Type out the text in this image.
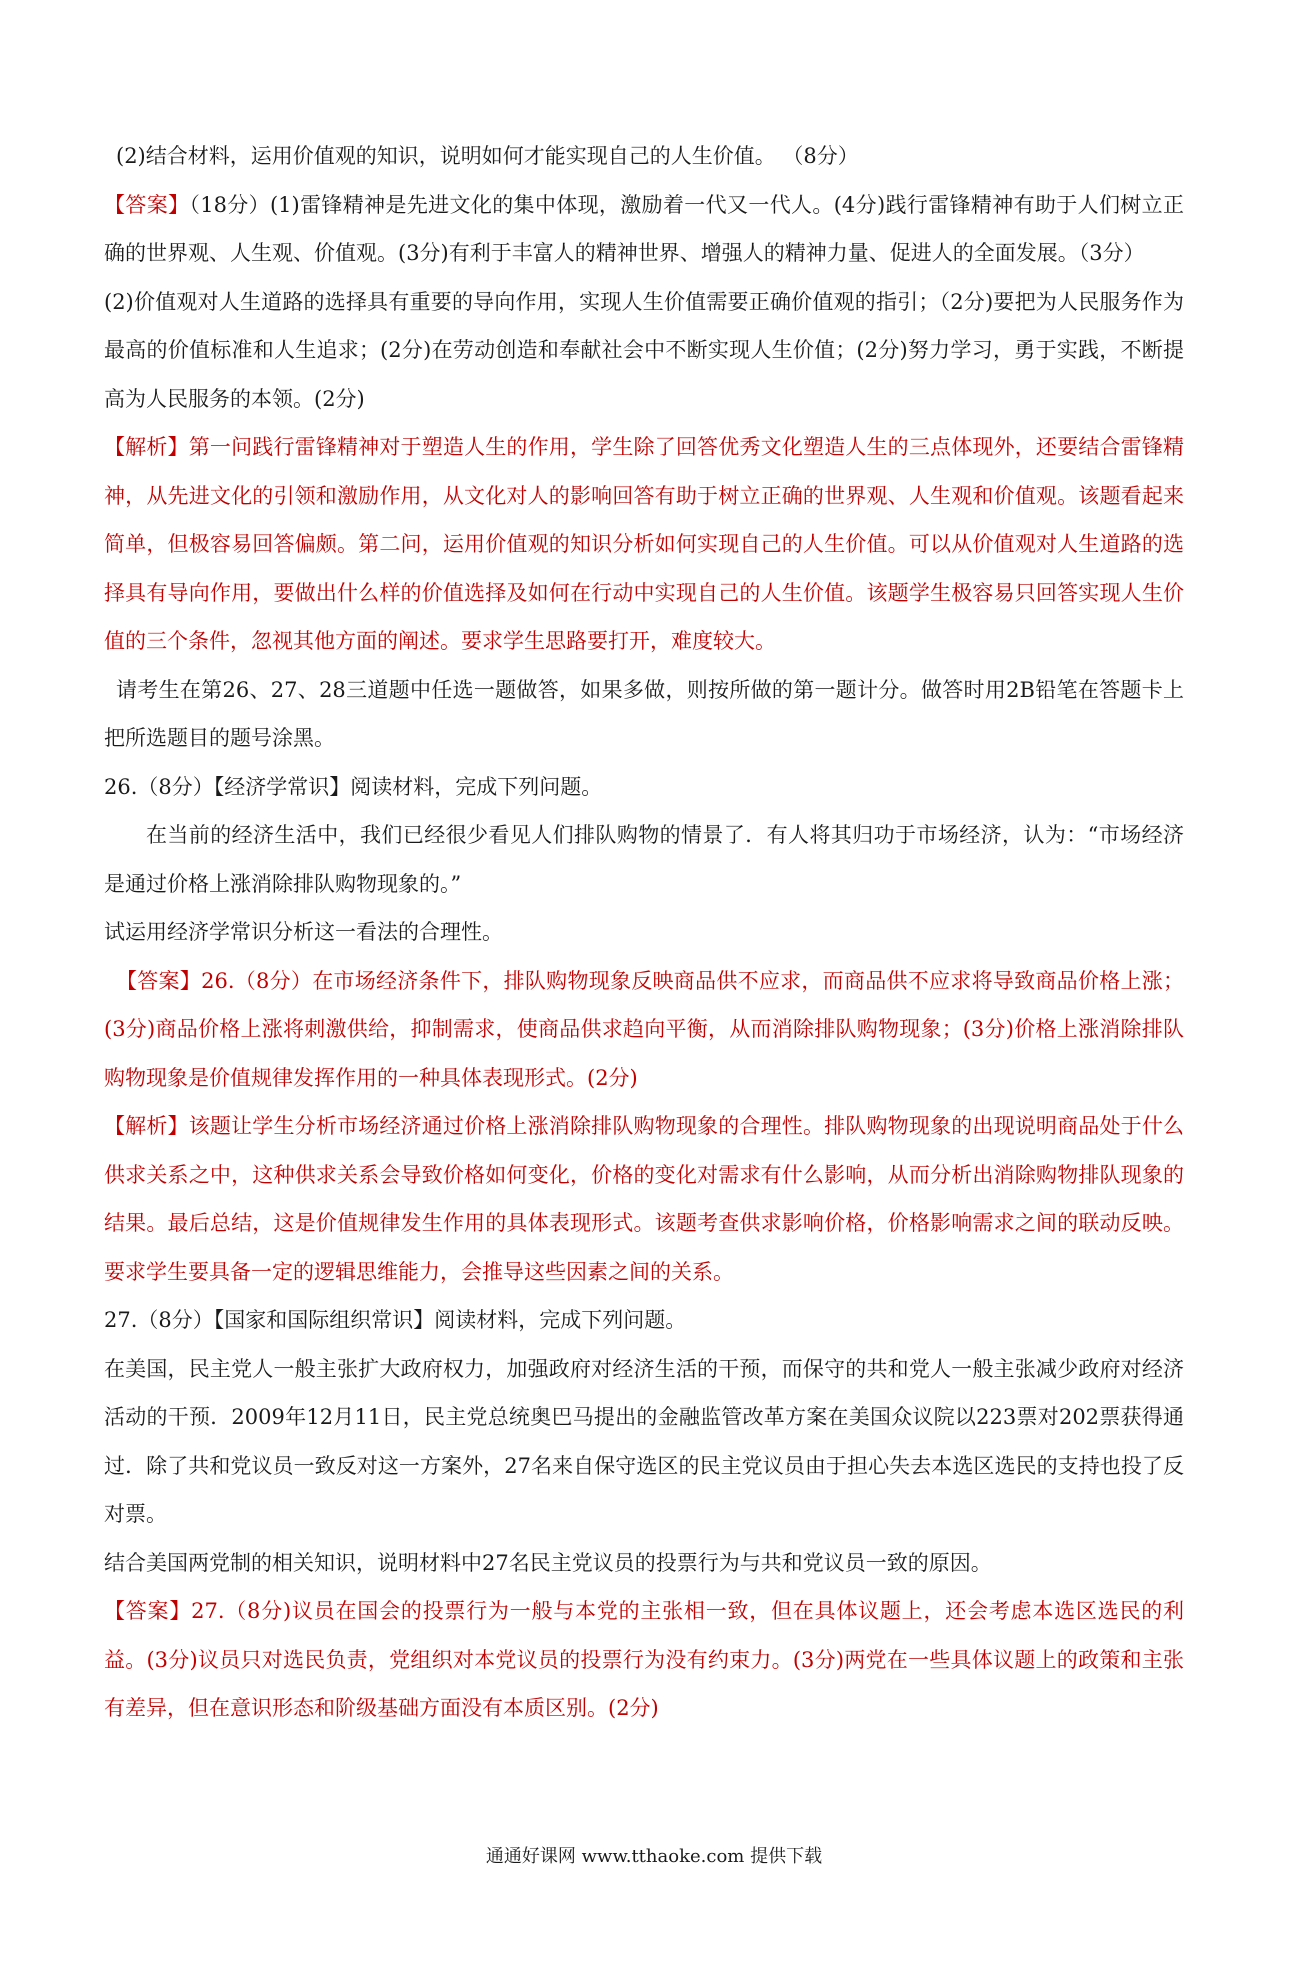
(2)结合材料，运用价值观的知识，说明如何才能实现自己的人生价值。 （8分）

【答案】（18分）(1)雷锋精神是先进文化的集中体现，激励着一代又一代人。(4分)践行雷锋精神有助于人们树立正确的世界观、人生观、价值观。(3分)有利于丰富人的精神世界、增强人的精神力量、促进人的全面发展。（3分）

(2)价值观对人生道路的选择具有重要的导向作用，实现人生价值需要正确价值观的指引；（2分)要把为人民服务作为最高的价值标准和人生追求；(2分)在劳动创造和奉献社会中不断实现人生价值；(2分)努力学习，勇于实践，不断提高为人民服务的本领。(2分)

【解析】第一问践行雷锋精神对于塑造人生的作用，学生除了回答优秀文化塑造人生的三点体现外，还要结合雷锋精神，从先进文化的引领和激励作用，从文化对人的影响回答有助于树立正确的世界观、人生观和价值观。该题看起来简单，但极容易回答偏颇。第二问，运用价值观的知识分析如何实现自己的人生价值。可以从价值观对人生道路的选择具有导向作用，要做出什么样的价值选择及如何在行动中实现自己的人生价值。该题学生极容易只回答实现人生价值的三个条件，忽视其他方面的阐述。要求学生思路要打开，难度较大。

请考生在第26、27、28三道题中任选一题做答，如果多做，则按所做的第一题计分。做答时用2B铅笔在答题卡上把所选题目的题号涂黑。

26.（8分）【经济学常识】阅读材料，完成下列问题。

在当前的经济生活中，我们已经很少看见人们排队购物的情景了．有人将其归功于市场经济，认为：“市场经济是通过价格上涨消除排队购物现象的。”

试运用经济学常识分析这一看法的合理性。

【答案】26.（8分）在市场经济条件下，排队购物现象反映商品供不应求，而商品供不应求将导致商品价格上涨；(3分)商品价格上涨将刺激供给，抑制需求，使商品供求趋向平衡，从而消除排队购物现象；(3分)价格上涨消除排队购物现象是价值规律发挥作用的一种具体表现形式。(2分)

【解析】该题让学生分析市场经济通过价格上涨消除排队购物现象的合理性。排队购物现象的出现说明商品处于什么供求关系之中，这种供求关系会导致价格如何变化，价格的变化对需求有什么影响，从而分析出消除购物排队现象的结果。最后总结，这是价值规律发生作用的具体表现形式。该题考查供求影响价格，价格影响需求之间的联动反映。要求学生要具备一定的逻辑思维能力，会推导这些因素之间的关系。

27.（8分）【国家和国际组织常识】阅读材料，完成下列问题。

在美国，民主党人一般主张扩大政府权力，加强政府对经济生活的干预，而保守的共和党人一般主张减少政府对经济活动的干预．2009年12月11日，民主党总统奥巴马提出的金融监管改革方案在美国众议院以223票对202票获得通过．除了共和党议员一致反对这一方案外，27名来自保守选区的民主党议员由于担心失去本选区选民的支持也投了反对票。

结合美国两党制的相关知识，说明材料中27名民主党议员的投票行为与共和党议员一致的原因。

【答案】27.（8分)议员在国会的投票行为一般与本党的主张相一致，但在具体议题上，还会考虑本选区选民的利益。(3分)议员只对选民负责，党组织对本党议员的投票行为没有约束力。(3分)两党在一些具体议题上的政策和主张有差异，但在意识形态和阶级基础方面没有本质区别。(2分)

通通好课网 www.tthaoke.com 提供下载
